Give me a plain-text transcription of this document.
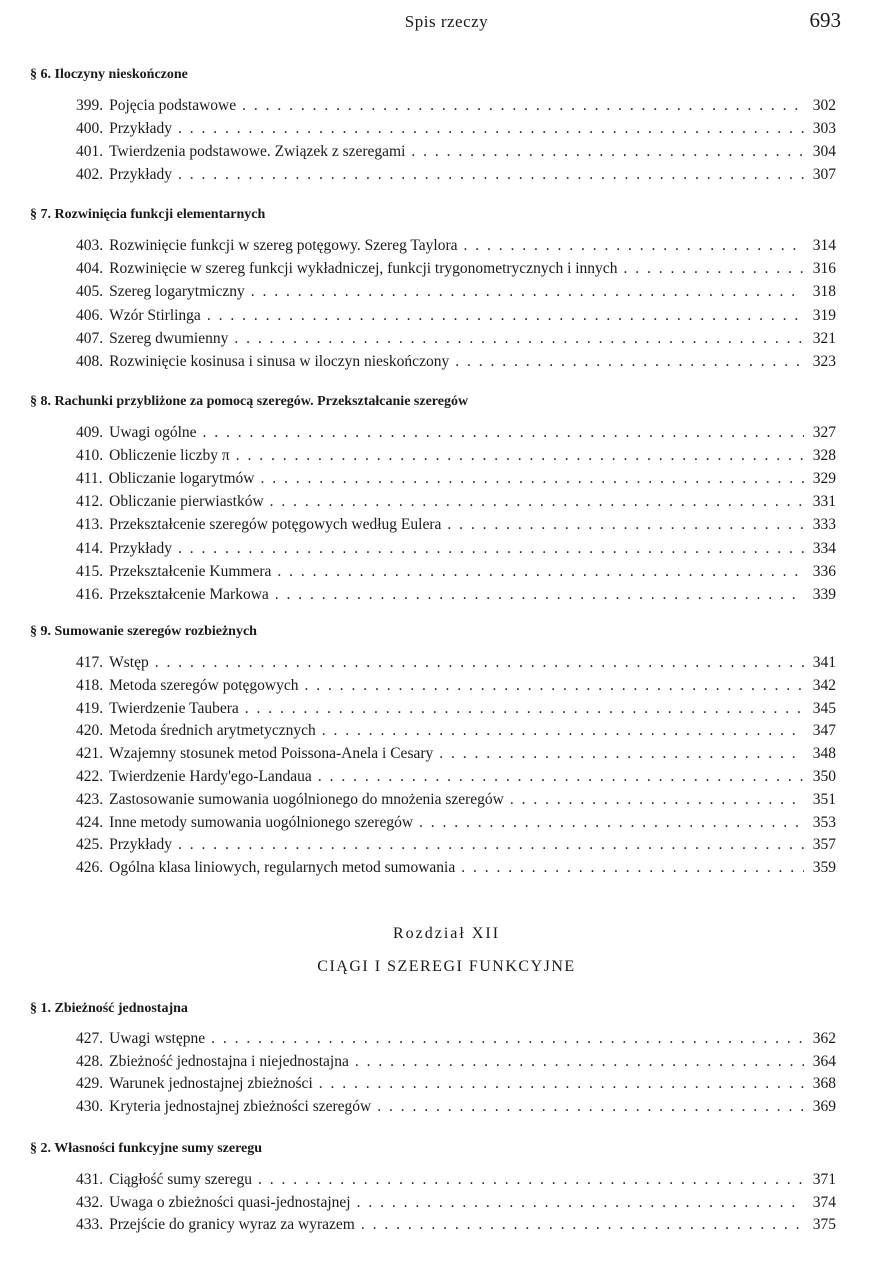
Spis rzeczy	693
§ 6. Iloczyny nieskończone
399. Pojęcia podstawowe . . .	302
400. Przykłady . . .	303
401. Twierdzenia podstawowe. Związek z szeregami . . .	304
402. Przykłady . . .	307
§ 7. Rozwinięcia funkcji elementarnych
403. Rozwinięcie funkcji w szereg potęgowy. Szereg Taylora . . .	314
404. Rozwinięcie w szereg funkcji wykładniczej, funkcji trygonometrycznych i innych . . .	316
405. Szereg logarytmiczny . . .	318
406. Wzór Stirlinga . . .	319
407. Szereg dwumienny . . .	321
408. Rozwinięcie kosinusa i sinusa w iloczyn nieskończony . . .	323
§ 8. Rachunki przybliżone za pomocą szeregów. Przekształcanie szeregów
409. Uwagi ogólne . . .	327
410. Obliczenie liczby π . . .	328
411. Obliczanie logarytmów . . .	329
412. Obliczanie pierwiastków . . .	331
413. Przekształcenie szeregów potęgowych według Eulera . . .	333
414. Przykłady . . .	334
415. Przekształcenie Kummera . . .	336
416. Przekształcenie Markowa . . .	339
§ 9. Sumowanie szeregów rozbieżnych
417. Wstęp . . .	341
418. Metoda szeregów potęgowych . . .	342
419. Twierdzenie Taubera . . .	345
420. Metoda średnich arytmetycznych . . .	347
421. Wzajemny stosunek metod Poissona-Anela i Cesary . . .	348
422. Twierdzenie Hardy'ego-Landaua . . .	350
423. Zastosowanie sumowania uogólnionego do mnożenia szeregów . . .	351
424. Inne metody sumowania uogólnionego szeregów . . .	353
425. Przykłady . . .	357
426. Ogólna klasa liniowych, regularnych metod sumowania . . .	359
Rozdział XII
CIĄGI I SZEREGI FUNKCYJNE
§ 1. Zbieżność jednostajna
427. Uwagi wstępne . . .	362
428. Zbieżność jednostajna i niejednostajna . . .	364
429. Warunek jednostajnej zbieżności . . .	368
430. Kryteria jednostajnej zbieżności szeregów . . .	369
§ 2. Własności funkcyjne sumy szeregu
431. Ciągłość sumy szeregu . . .	371
432. Uwaga o zbieżności quasi-jednostajnej . . .	374
433. Przejście do granicy wyraz za wyrazem . . .	375
